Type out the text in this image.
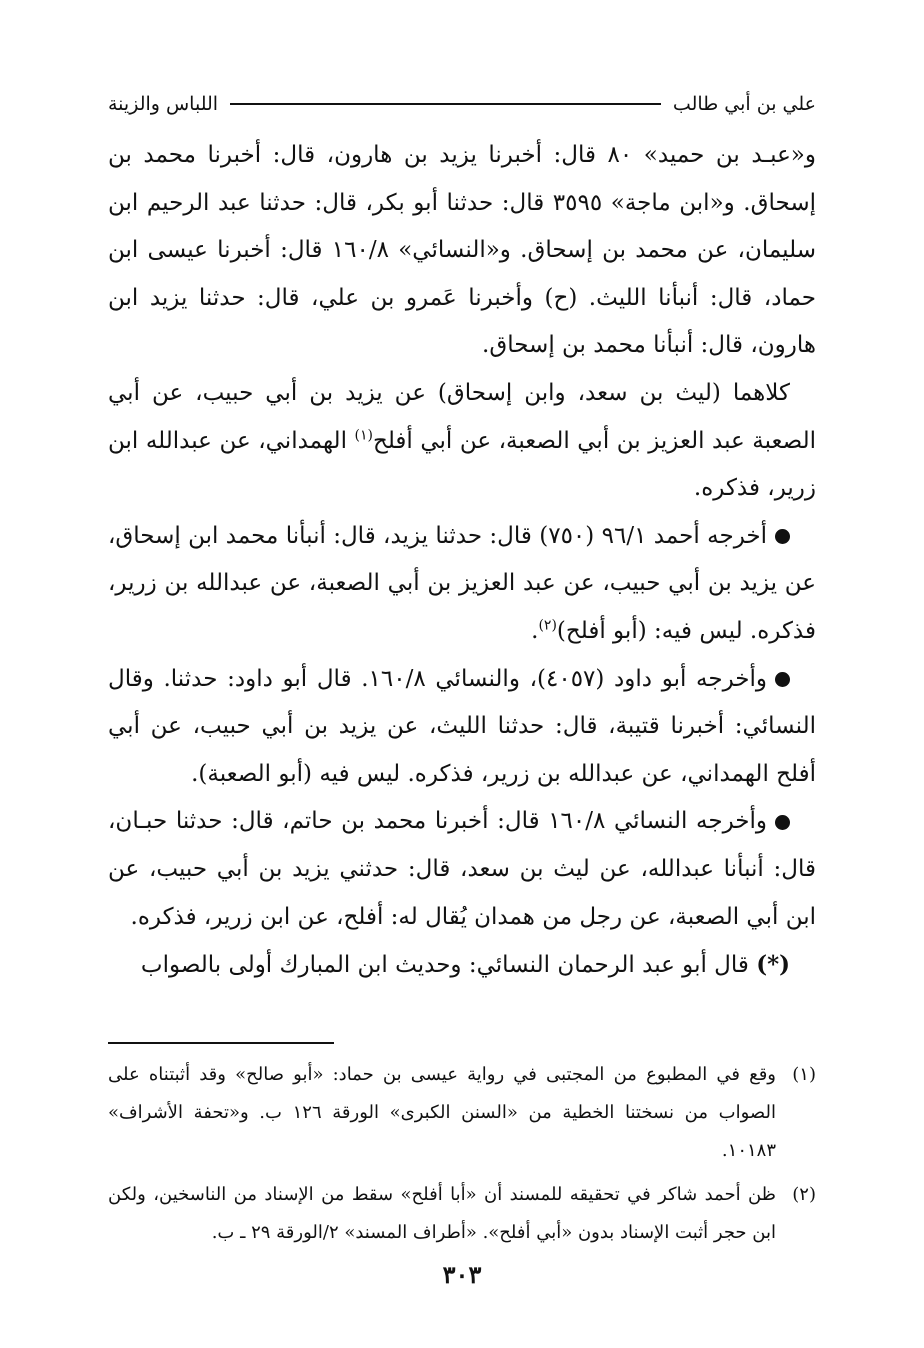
علي بن أبي طالب
اللباس والزينة

و«عبـد بن حميد» ٨٠ قال: أخبرنا يزيد بن هارون، قال: أخبرنا محمد بن إسحاق. و«ابن ماجة» ٣٥٩٥ قال: حدثنا أبو بكر، قال: حدثنا عبد الرحيم ابن سليمان، عن محمد بن إسحاق. و«النسائي» ١٦٠/٨ قال: أخبرنا عيسى ابن حماد، قال: أنبأنا الليث. (ح) وأخبرنا عَمرو بن علي، قال: حدثنا يزيد ابن هارون، قال: أنبأنا محمد بن إسحاق.

كلاهما (ليث بن سعد، وابن إسحاق) عن يزيد بن أبي حبيب، عن أبي الصعبة عبد العزيز بن أبي الصعبة، عن أبي أفلح$^{(١)}$ الهمداني، عن عبدالله ابن زرير، فذكره.

أخرجه أحمد ٩٦/١ (٧٥٠) قال: حدثنا يزيد، قال: أنبأنا محمد ابن إسحاق، عن يزيد بن أبي حبيب، عن عبد العزيز بن أبي الصعبة، عن عبدالله بن زرير، فذكره. ليس فيه: (أبو أفلح)$^{(٢)}$.

وأخرجه أبو داود (٤٠٥٧)، والنسائي ١٦٠/٨. قال أبو داود: حدثنا. وقال النسائي: أخبرنا قتيبة، قال: حدثنا الليث، عن يزيد بن أبي حبيب، عن أبي أفلح الهمداني، عن عبدالله بن زرير، فذكره. ليس فيه (أبو الصعبة).

وأخرجه النسائي ١٦٠/٨ قال: أخبرنا محمد بن حاتم، قال: حدثنا حبـان، قال: أنبأنا عبدالله، عن ليث بن سعد، قال: حدثني يزيد بن أبي حبيب، عن ابن أبي الصعبة، عن رجل من همدان يُقال له: أفلح، عن ابن زرير، فذكره.

(*) قال أبو عبد الرحمان النسائي: وحديث ابن المبارك أولى بالصواب

(١)
وقع في المطبوع من المجتبى في رواية عيسى بن حماد: «أبو صالح» وقد أثبتناه على الصواب من نسختنا الخطية من «السنن الكبرى» الورقة ١٢٦ ب. و«تحفة الأشراف» ١٠١٨٣.

(٢)
ظن أحمد شاكر في تحقيقه للمسند أن «أبا أفلح» سقط من الإسناد من الناسخين، ولكن ابن حجر أثبت الإسناد بدون «أبي أفلح». «أطراف المسند» ٢/الورقة ٢٩ ـ ب.

٣٠٣
